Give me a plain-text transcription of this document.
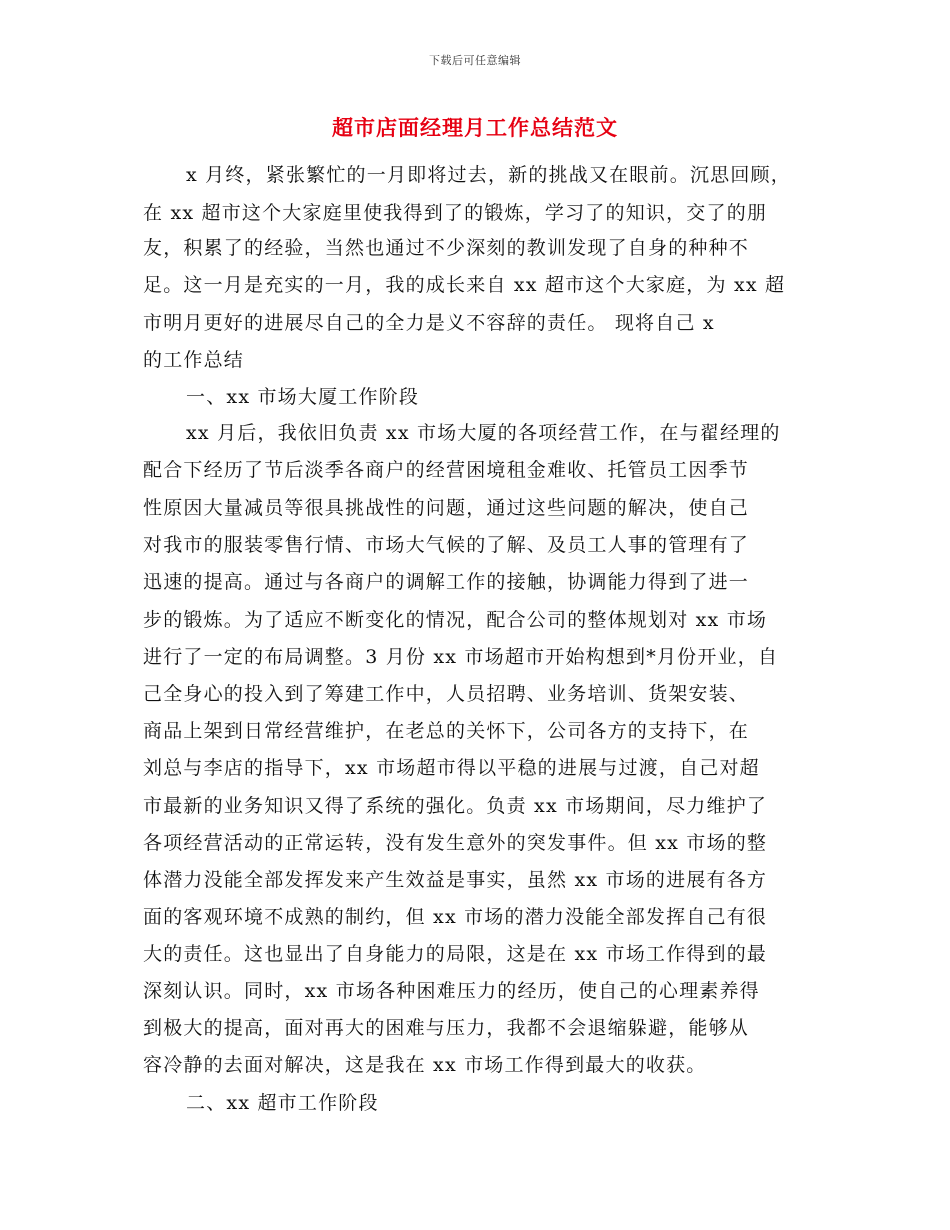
下载后可任意编辑
超市店面经理月工作总结范文
x 月终，紧张繁忙的一月即将过去，新的挑战又在眼前。沉思回顾，
在 xx 超市这个大家庭里使我得到了的锻炼，学习了的知识，交了的朋
友，积累了的经验，当然也通过不少深刻的教训发现了自身的种种不
足。这一月是充实的一月，我的成长来自 xx 超市这个大家庭，为 xx 超
市明月更好的进展尽自己的全力是义不容辞的责任。 现将自己 x
的工作总结
一、xx 市场大厦工作阶段
xx 月后，我依旧负责 xx 市场大厦的各项经营工作，在与翟经理的
配合下经历了节后淡季各商户的经营困境租金难收、托管员工因季节
性原因大量减员等很具挑战性的问题，通过这些问题的解决，使自己
对我市的服装零售行情、市场大气候的了解、及员工人事的管理有了
迅速的提高。通过与各商户的调解工作的接触，协调能力得到了进一
步的锻炼。为了适应不断变化的情况，配合公司的整体规划对 xx 市场
进行了一定的布局调整。3 月份 xx 市场超市开始构想到*月份开业，自
己全身心的投入到了筹建工作中，人员招聘、业务培训、货架安装、
商品上架到日常经营维护，在老总的关怀下，公司各方的支持下，在
刘总与李店的指导下，xx 市场超市得以平稳的进展与过渡，自己对超
市最新的业务知识又得了系统的强化。负责 xx 市场期间，尽力维护了
各项经营活动的正常运转，没有发生意外的突发事件。但 xx 市场的整
体潜力没能全部发挥发来产生效益是事实，虽然 xx 市场的进展有各方
面的客观环境不成熟的制约，但 xx 市场的潜力没能全部发挥自己有很
大的责任。这也显出了自身能力的局限，这是在 xx 市场工作得到的最
深刻认识。同时，xx 市场各种困难压力的经历，使自己的心理素养得
到极大的提高，面对再大的困难与压力，我都不会退缩躲避，能够从
容冷静的去面对解决，这是我在 xx 市场工作得到最大的收获。
二、xx 超市工作阶段
